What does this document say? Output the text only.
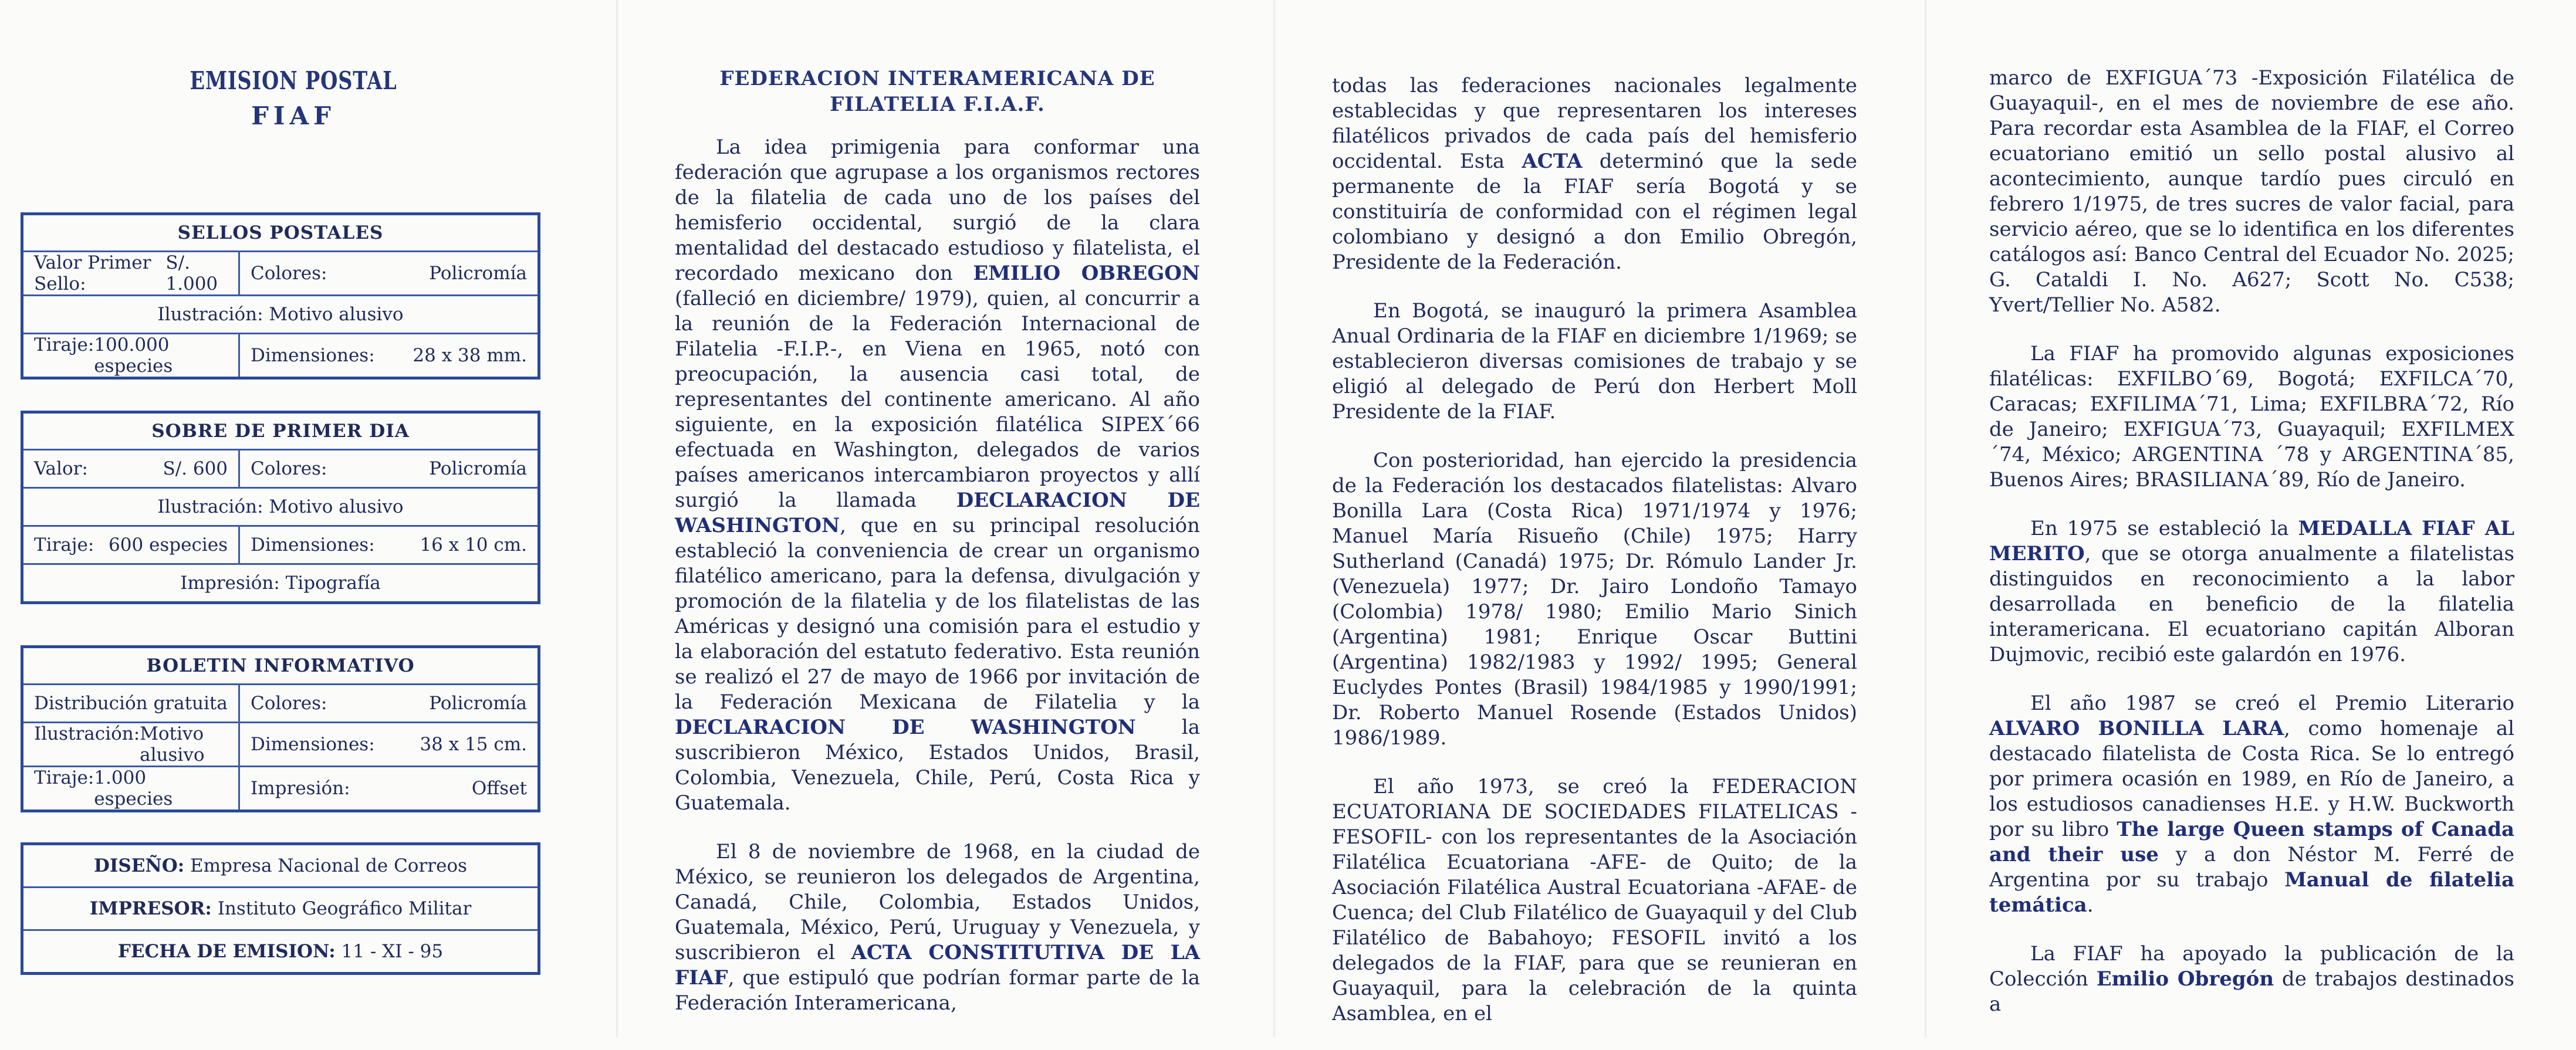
EMISION POSTAL
FIAF
SELLOS POSTALES	

Valor Primer Sello:
S/. 1.000	Colores: Policromía

Ilustración: Motivo alusivo	

Tiraje: 100.000 especies	Dimensiones: 28 x 38 mm.
SOBRE DE PRIMER DIA	

Valor: S/. 600	Colores: Policromía

Ilustración: Motivo alusivo	

Tiraje: 600 especies	Dimensiones: 16 x 10 cm.

Impresión: Tipografía	
BOLETIN INFORMATIVO	
Distribución gratuita	Colores: Policromía

Ilustración: Motivo alusivo	Dimensiones: 38 x 15 cm.

Tiraje: 1.000 especies	Impresión: Offset
DISEÑO: Empresa Nacional de Correos
IMPRESOR: Instituto Geográfico Militar
FECHA DE EMISION: 11 - XI - 95
FEDERACION INTERAMERICANA DE FILATELIA F.I.A.F.

La idea primigenia para conformar una federación que agrupase a los organismos rectores de la filatelia de cada uno de los países del hemisferio occidental, surgió de la clara mentalidad del destacado estudioso y filatelista, el recordado mexicano don EMILIO OBREGON (falleció en diciembre/ 1979), quien, al concurrir a la reunión de la Federación Internacional de Filatelia -F.I.P.-, en Viena en 1965, notó con preocupación, la ausencia casi total, de representantes del continente americano. Al año siguiente, en la exposición filatélica SIPEX´66 efectuada en Washington, delegados de varios países americanos intercambiaron proyectos y allí surgió la llamada DECLARACION DE WASHINGTON, que en su principal resolución estableció la conveniencia de crear un organismo filatélico americano, para la defensa, divulgación y promoción de la filatelia y de los filatelistas de las Américas y designó una comisión para el estudio y la elaboración del estatuto federativo. Esta reunión se realizó el 27 de mayo de 1966 por invitación de la Federación Mexicana de Filatelia y la DECLARACION DE WASHINGTON la suscribieron México, Estados Unidos, Brasil, Colombia, Venezuela, Chile, Perú, Costa Rica y Guatemala.

El 8 de noviembre de 1968, en la ciudad de México, se reunieron los delegados de Argentina, Canadá, Chile, Colombia, Estados Unidos, Guatemala, México, Perú, Uruguay y Venezuela, y suscribieron el ACTA CONSTITUTIVA DE LA FIAF, que estipuló que podrían formar parte de la Federación Interamericana,

todas las federaciones nacionales legalmente establecidas y que representaren los intereses filatélicos privados de cada país del hemisferio occidental. Esta ACTA determinó que la sede permanente de la FIAF sería Bogotá y se constituiría de conformidad con el régimen legal colombiano y designó a don Emilio Obregón, Presidente de la Federación.

En Bogotá, se inauguró la primera Asamblea Anual Ordinaria de la FIAF en diciembre 1/1969; se establecieron diversas comisiones de trabajo y se eligió al delegado de Perú don Herbert Moll Presidente de la FIAF.

Con posterioridad, han ejercido la presidencia de la Federación los destacados filatelistas: Alvaro Bonilla Lara (Costa Rica) 1971/1974 y 1976; Manuel María Risueño (Chile) 1975; Harry Sutherland (Canadá) 1975; Dr. Rómulo Lander Jr. (Venezuela) 1977; Dr. Jairo Londoño Tamayo (Colombia) 1978/ 1980; Emilio Mario Sinich (Argentina) 1981; Enrique Oscar Buttini (Argentina) 1982/1983 y 1992/ 1995; General Euclydes Pontes (Brasil) 1984/1985 y 1990/1991; Dr. Roberto Manuel Rosende (Estados Unidos) 1986/1989.

El año 1973, se creó la FEDERACION ECUATORIANA DE SOCIEDADES FILATELICAS -FESOFIL- con los representantes de la Asociación Filatélica Ecuatoriana -AFE- de Quito; de la Asociación Filatélica Austral Ecuatoriana -AFAE- de Cuenca; del Club Filatélico de Guayaquil y del Club Filatélico de Babahoyo; FESOFIL invitó a los delegados de la FIAF, para que se reunieran en Guayaquil, para la celebración de la quinta Asamblea, en el

marco de EXFIGUA´73 -Exposición Filatélica de Guayaquil-, en el mes de noviembre de ese año. Para recordar esta Asamblea de la FIAF, el Correo ecuatoriano emitió un sello postal alusivo al acontecimiento, aunque tardío pues circuló en febrero 1/1975, de tres sucres de valor facial, para servicio aéreo, que se lo identifica en los diferentes catálogos así: Banco Central del Ecuador No. 2025; G. Cataldi I. No. A627; Scott No. C538; Yvert/Tellier No. A582.

La FIAF ha promovido algunas exposiciones filatélicas: EXFILBO´69, Bogotá; EXFILCA´70, Caracas; EXFILIMA´71, Lima; EXFILBRA´72, Río de Janeiro; EXFIGUA´73, Guayaquil; EXFILMEX´74, México; ARGENTINA ´78 y ARGENTINA´85, Buenos Aires; BRASILIANA´89, Río de Janeiro.

En 1975 se estableció la MEDALLA FIAF AL MERITO, que se otorga anualmente a filatelistas distinguidos en reconocimiento a la labor desarrollada en beneficio de la filatelia interamericana. El ecuatoriano capitán Alboran Dujmovic, recibió este galardón en 1976.

El año 1987 se creó el Premio Literario ALVARO BONILLA LARA, como homenaje al destacado filatelista de Costa Rica. Se lo entregó por primera ocasión en 1989, en Río de Janeiro, a los estudiosos canadienses H.E. y H.W. Buckworth por su libro The large Queen stamps of Canada and their use y a don Néstor M. Ferré de Argentina por su trabajo Manual de filatelia temática.

La FIAF ha apoyado la publicación de la Colección Emilio Obregón de trabajos destinados a
